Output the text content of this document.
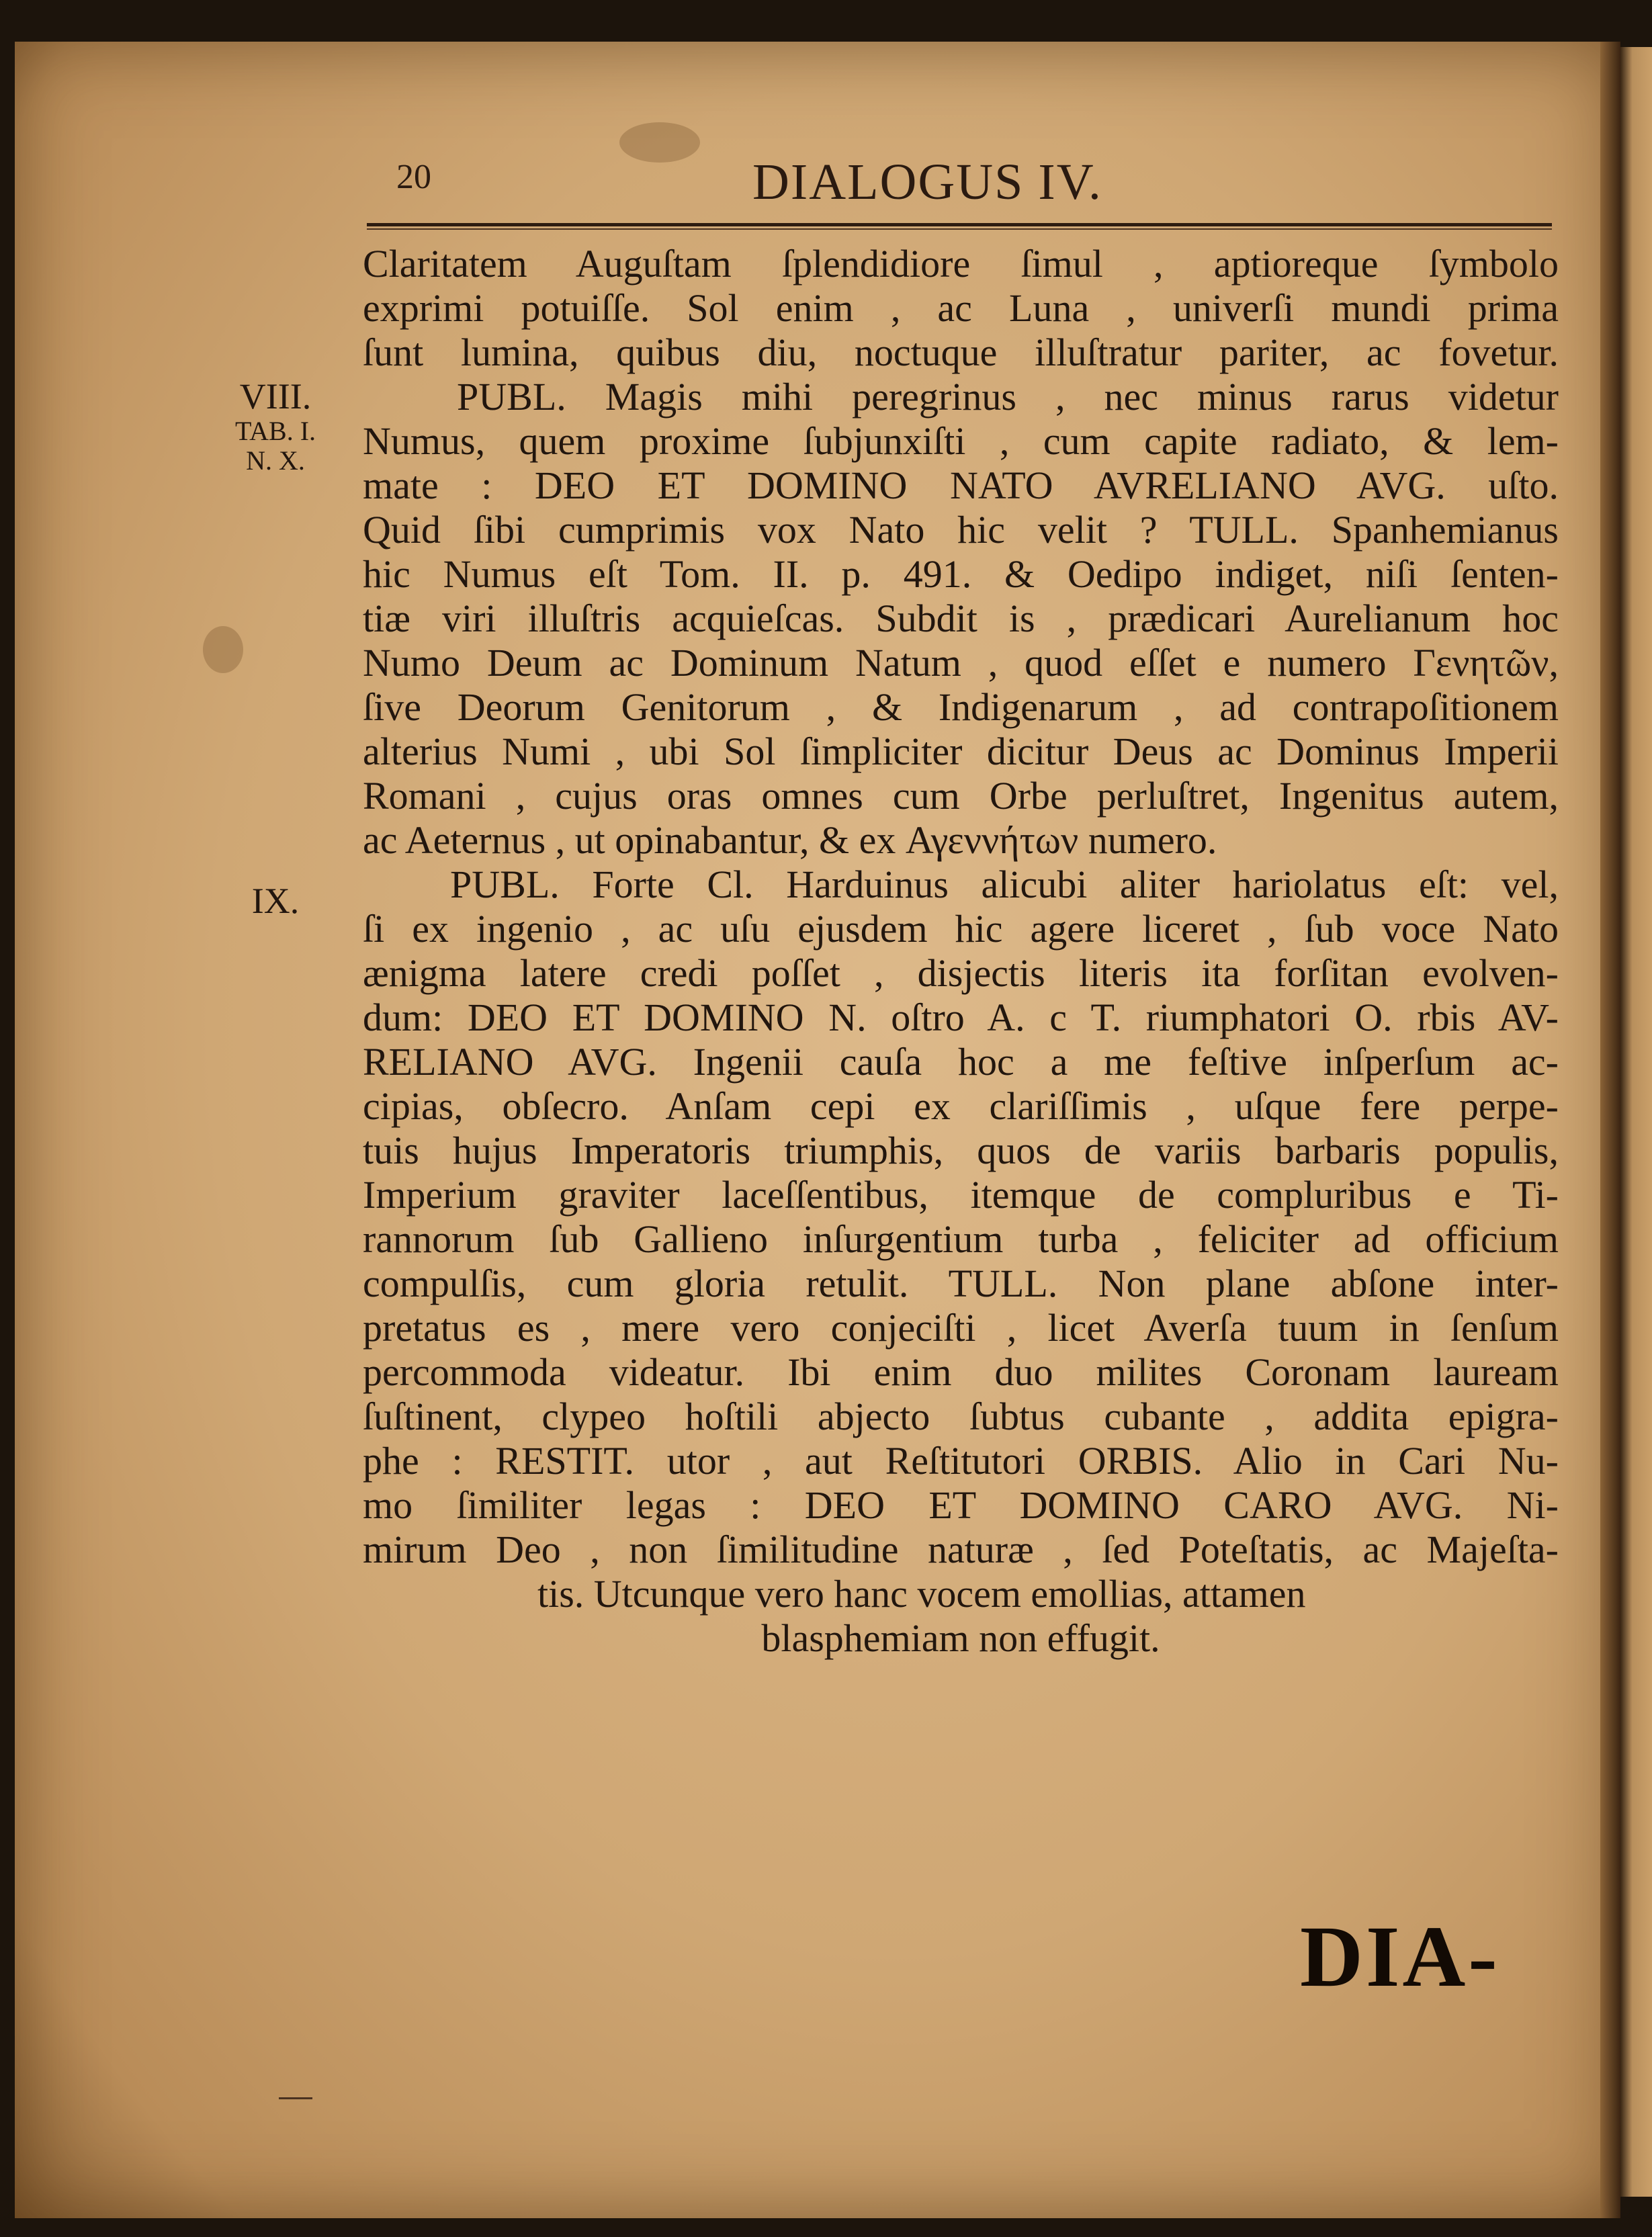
20	DIALOGUS IV.
VIII.
TAB. I.
N. X.
IX.
Claritatem Auguſtam ſplendidiore ſimul , aptioreque ſymbolo
exprimi potuiſſe. Sol enim , ac Luna , univerſi mundi prima
ſunt lumina, quibus diu, noctuque illuſtratur pariter, ac fovetur.
PUBL. Magis mihi peregrinus , nec minus rarus videtur
Numus, quem proxime ſubjunxiſti , cum capite radiato, & lem-
mate : DEO ET DOMINO NATO AVRELIANO AVG. uſto.
Quid ſibi cumprimis vox Nato hic velit ? TULL. Spanhemianus
hic Numus eſt Tom. II. p. 491. & Oedipo indiget, niſi ſenten-
tiæ viri illuſtris acquieſcas. Subdit is , prædicari Aurelianum hoc
Numo Deum ac Dominum Natum , quod eſſet e numero Γενητῶν,
ſive Deorum Genitorum , & Indigenarum , ad contrapoſitionem
alterius Numi , ubi Sol ſimpliciter dicitur Deus ac Dominus Imperii
Romani , cujus oras omnes cum Orbe perluſtret, Ingenitus autem,
ac Aeternus , ut opinabantur, & ex Αγεννήτων numero.
PUBL. Forte Cl. Harduinus alicubi aliter hariolatus eſt: vel,
ſi ex ingenio , ac uſu ejusdem hic agere liceret , ſub voce Nato
ænigma latere credi poſſet , disjectis literis ita forſitan evolven-
dum: DEO ET DOMINO N. oſtro A. c T. riumphatori O. rbis AV-
RELIANO AVG. Ingenii cauſa hoc a me feſtive inſperſum ac-
cipias, obſecro. Anſam cepi ex clariſſimis , uſque fere perpe-
tuis hujus Imperatoris triumphis, quos de variis barbaris populis,
Imperium graviter laceſſentibus, itemque de compluribus e Ti-
rannorum ſub Gallieno inſurgentium turba , feliciter ad officium
compulſis, cum gloria retulit. TULL. Non plane abſone inter-
pretatus es , mere vero conjeciſti , licet Averſa tuum in ſenſum
percommoda videatur. Ibi enim duo milites Coronam lauream
ſuſtinent, clypeo hoſtili abjecto ſubtus cubante , addita epigra-
phe : RESTIT. utor , aut Reſtitutori ORBIS. Alio in Cari Nu-
mo ſimiliter legas : DEO ET DOMINO CARO AVG. Ni-
mirum Deo , non ſimilitudine naturæ , ſed Poteſtatis, ac Majeſta-
tis. Utcunque vero hanc vocem emollias, attamen
blasphemiam non effugit.
DIA-
